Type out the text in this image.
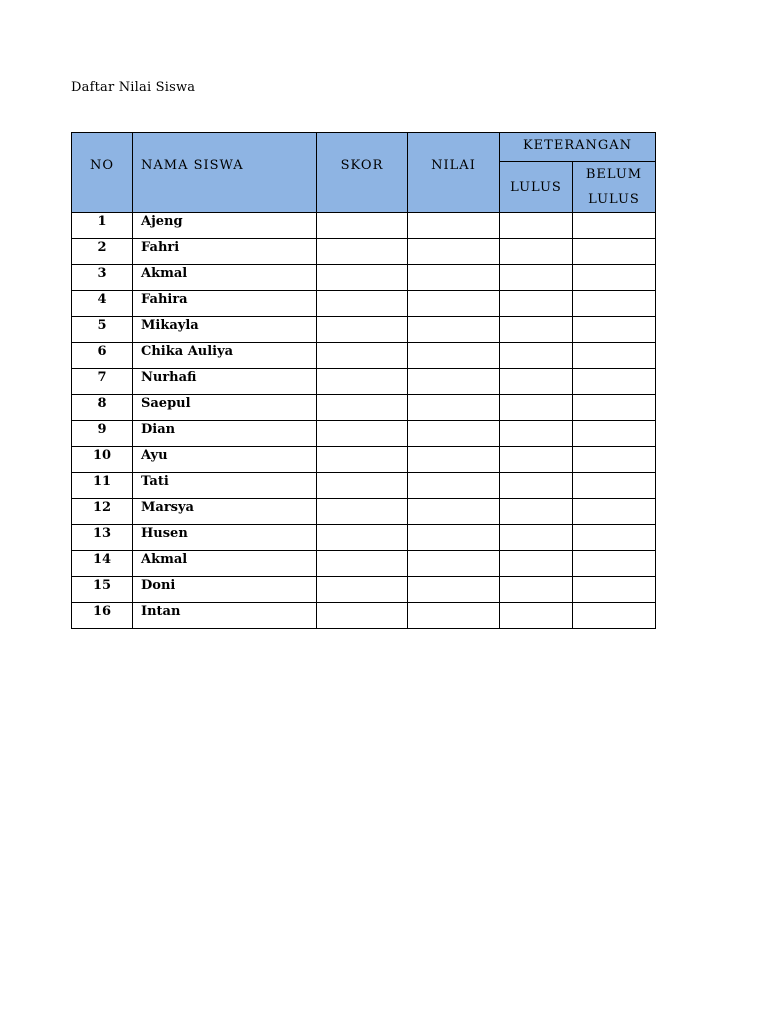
Daftar Nilai Siswa
NO	NAMA SISWA	SKOR	NILAI	KETERANGAN	
				LULUS	BELUM
LULUS
1	Ajeng				
2	Fahri				
3	Akmal				
4	Fahira				
5	Mikayla				
6	Chika Auliya				
7	Nurhafi				
8	Saepul				
9	Dian				
10	Ayu				
11	Tati				
12	Marsya				
13	Husen				
14	Akmal				
15	Doni				
16	Intan				
